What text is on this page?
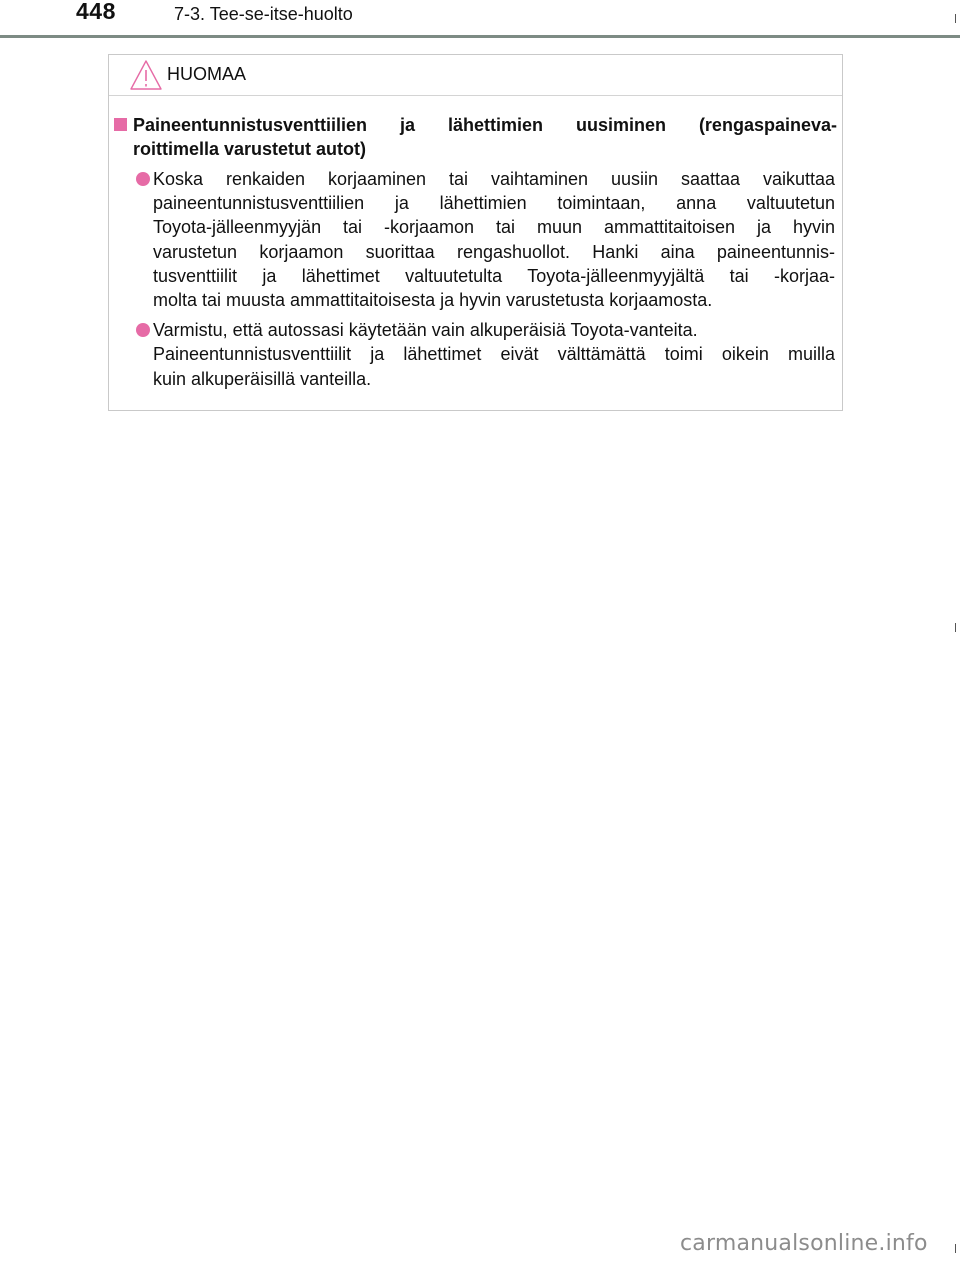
448	7-3. Tee-se-itse-huolto
HUOMAA
Paineentunnistusventtiilien ja lähettimien uusiminen (rengaspaineva-
roittimella varustetut autot)
Koska renkaiden korjaaminen tai vaihtaminen uusiin saattaa vaikuttaa
paineentunnistusventtiilien ja lähettimien toimintaan, anna valtuutetun
Toyota-jälleenmyyjän tai -korjaamon tai muun ammattitaitoisen ja hyvin
varustetun korjaamon suorittaa rengashuollot. Hanki aina paineentunnis-
tusventtiilit ja lähettimet valtuutetulta Toyota-jälleenmyyjältä tai -korjaa-
molta tai muusta ammattitaitoisesta ja hyvin varustetusta korjaamosta.
Varmistu, että autossasi käytetään vain alkuperäisiä Toyota-vanteita.
Paineentunnistusventtiilit ja lähettimet eivät välttämättä toimi oikein muilla
kuin alkuperäisillä vanteilla.
carmanualsonline.info
